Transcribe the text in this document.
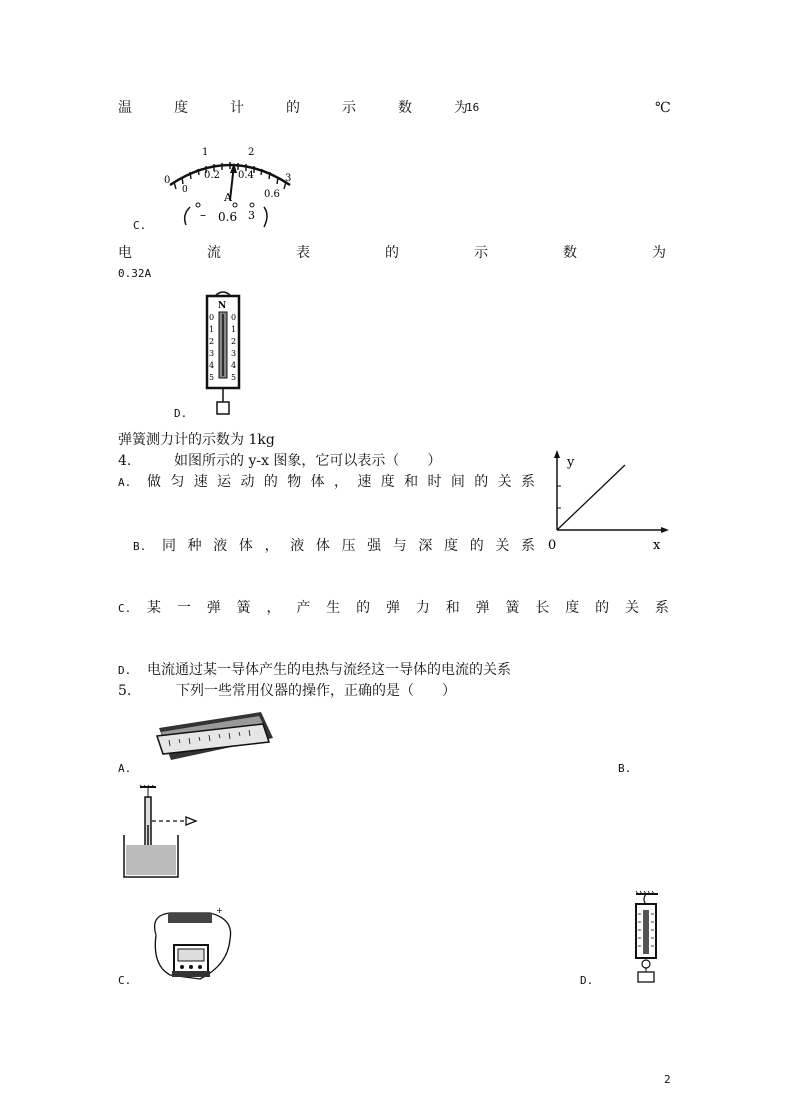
温	度	计	的	示	数	为
16	℃
1	2
3
0
0
0.2 0.4
0.6
A
– 0.6 3
C.
电	流	表	的	示	数	为
0.32A
N
0
1
2
3
4
5
0
1
2
3
4
5
D.
弹簧测力计的示数为 1kg
4.	如图所示的 y-x 图象，它可以表示（　　）
A. 做 匀 速 运 动 的 物 体 ， 速 度 和 时 间 的 关 系
B. 同 种 液 体 ， 液 体 压 强 与 深 度 的 关 系
y
0	x
C. 某 一 弹 簧 ， 产 生 的 弹 力 和 弹 簧 长 度 的 关 系
D. 电流通过某一导体产生的电热与流经这一导体的电流的关系
5.	下列一些常用仪器的操作，正确的是（　　）
A.	B.
+
C.	D.
2
